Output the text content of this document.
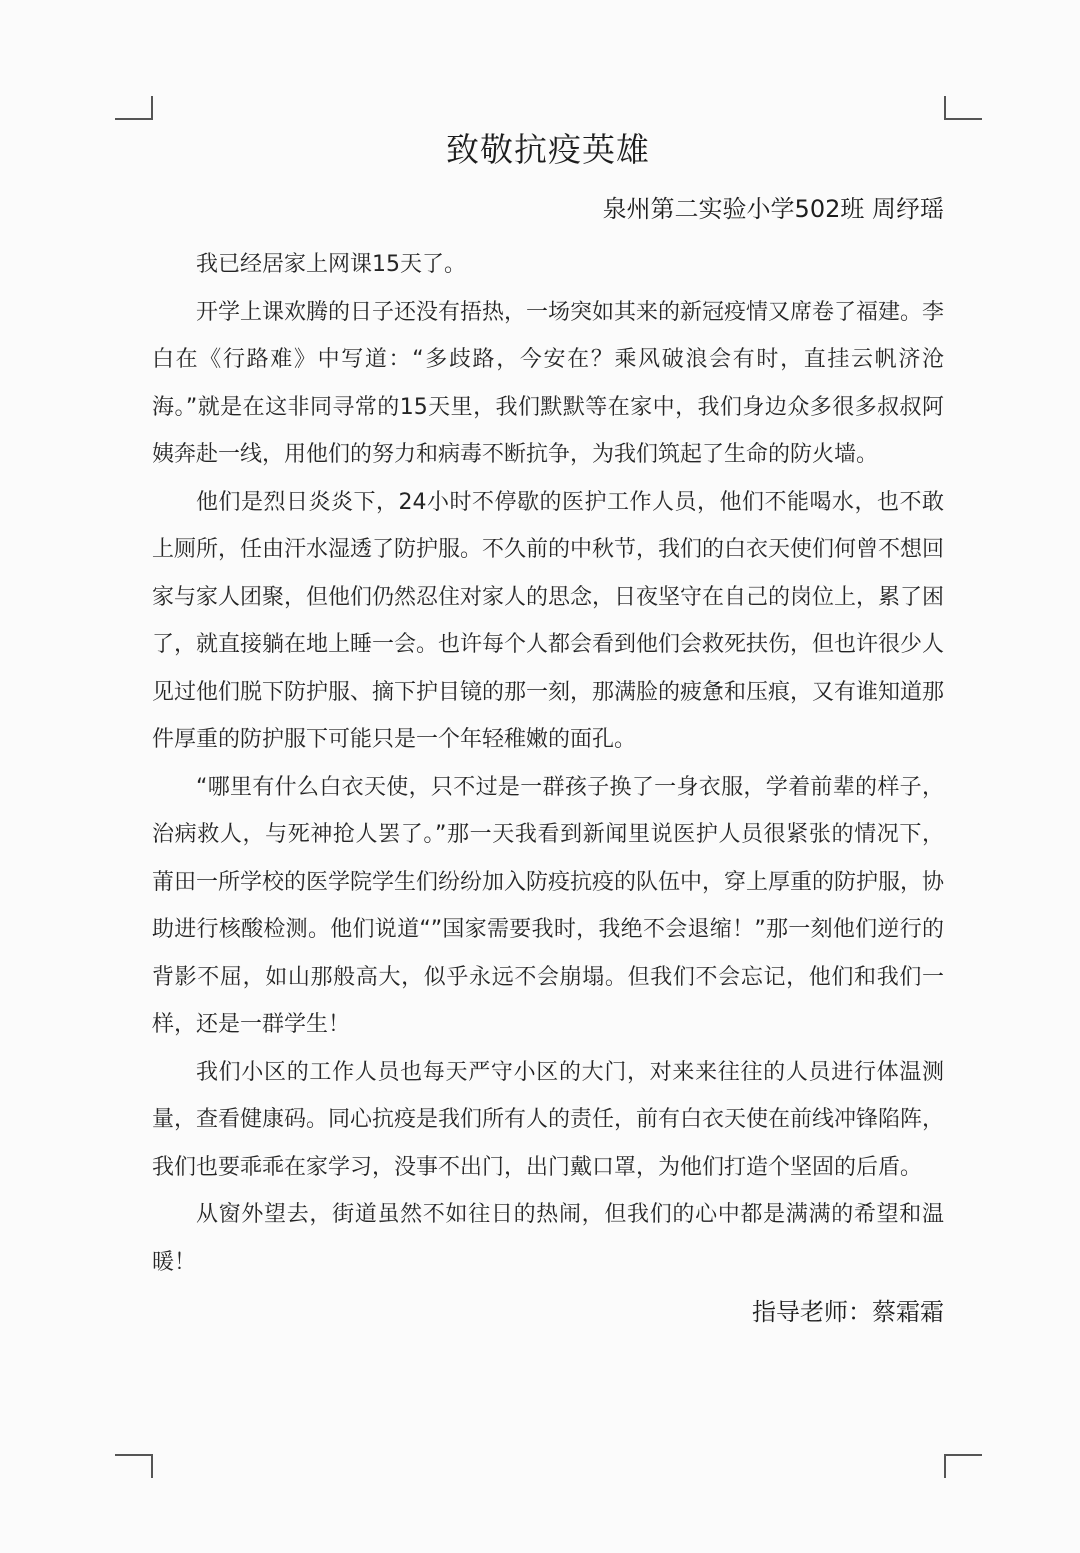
致敬抗疫英雄
泉州第二实验小学502班 周纾瑶

我已经居家上网课15天了。

开学上课欢腾的日子还没有捂热，一场突如其来的新冠疫情又席卷了福建。李白在《行路难》中写道：“多歧路，今安在？乘风破浪会有时，直挂云帆济沧海。”就是在这非同寻常的15天里，我们默默等在家中，我们身边众多很多叔叔阿姨奔赴一线，用他们的努力和病毒不断抗争，为我们筑起了生命的防火墙。

他们是烈日炎炎下，24小时不停歇的医护工作人员，他们不能喝水，也不敢上厕所，任由汗水湿透了防护服。不久前的中秋节，我们的白衣天使们何曾不想回家与家人团聚，但他们仍然忍住对家人的思念，日夜坚守在自己的岗位上，累了困了，就直接躺在地上睡一会。也许每个人都会看到他们会救死扶伤，但也许很少人见过他们脱下防护服、摘下护目镜的那一刻，那满脸的疲惫和压痕，又有谁知道那件厚重的防护服下可能只是一个年轻稚嫩的面孔。

“哪里有什么白衣天使，只不过是一群孩子换了一身衣服，学着前辈的样子，治病救人，与死神抢人罢了。”那一天我看到新闻里说医护人员很紧张的情况下，莆田一所学校的医学院学生们纷纷加入防疫抗疫的队伍中，穿上厚重的防护服，协助进行核酸检测。他们说道“”国家需要我时，我绝不会退缩！”那一刻他们逆行的背影不屈，如山那般高大，似乎永远不会崩塌。但我们不会忘记，他们和我们一样，还是一群学生！

我们小区的工作人员也每天严守小区的大门，对来来往往的人员进行体温测量，查看健康码。同心抗疫是我们所有人的责任，前有白衣天使在前线冲锋陷阵，我们也要乖乖在家学习，没事不出门，出门戴口罩，为他们打造个坚固的后盾。

从窗外望去，街道虽然不如往日的热闹，但我们的心中都是满满的希望和温暖！

指导老师：蔡霜霜
